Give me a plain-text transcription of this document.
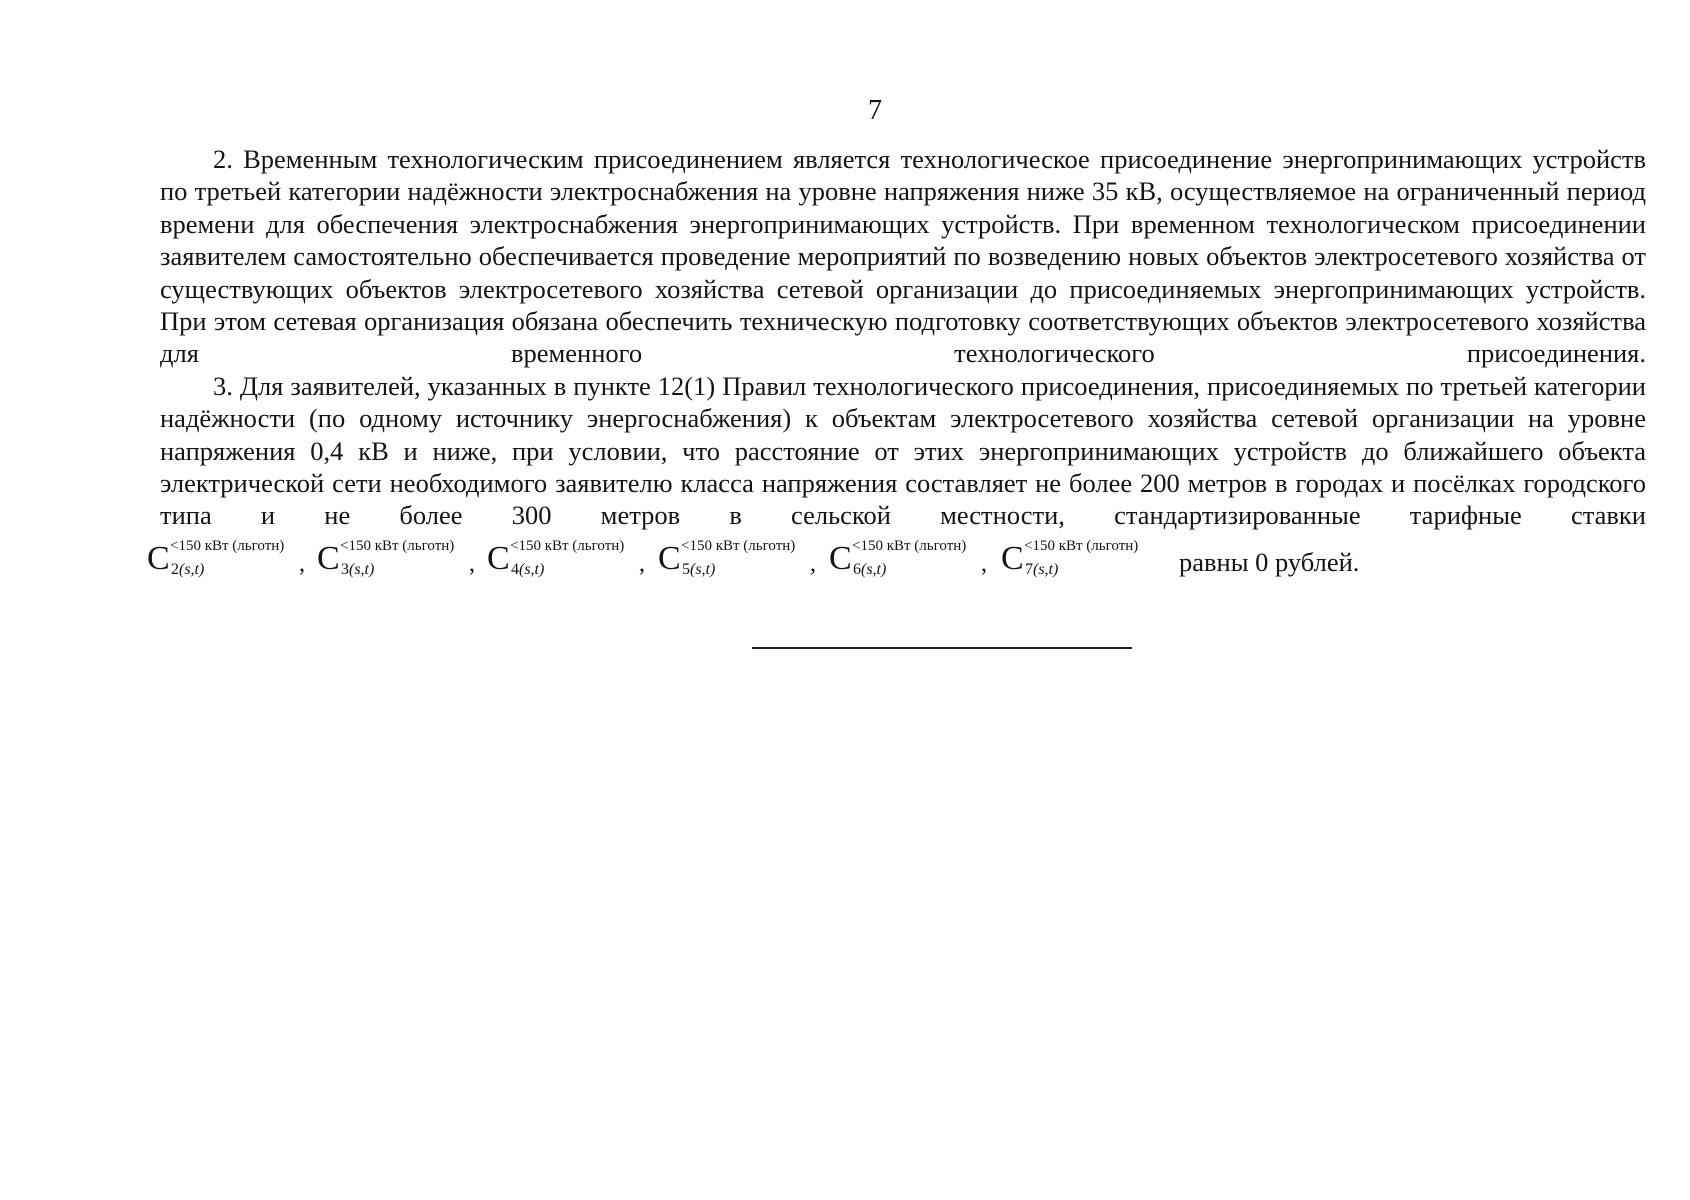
7

2. Временным технологическим присоединением является технологическое присоединение энергопринимающих устройств по третьей категории надёжности электроснабжения на уровне напряжения ниже 35 кВ, осуществляемое на ограниченный период времени для обеспечения электроснабжения энергопринимающих устройств. При временном технологическом присоединении заявителем самостоятельно обеспечивается проведение мероприятий по возведению новых объектов электросетевого хозяйства от существующих объектов электросетевого хозяйства сетевой организации до присоединяемых энергопринимающих устройств. При этом сетевая организация обязана обеспечить техническую подготовку соответствующих объектов электросетевого хозяйства для временного технологического присоединения.

3. Для заявителей, указанных в пункте 12(1) Правил технологического присоединения, присоединяемых по третьей категории надёжности (по одному источнику энергоснабжения) к объектам электросетевого хозяйства сетевой организации на уровне напряжения 0,4 кВ и ниже, при условии, что расстояние от этих энергопринимающих устройств до ближайшего объекта электрической сети необходимого заявителю класса напряжения составляет не более 200 метров в городах и посёлках городского типа и не более 300 метров в сельской местности, стандартизированные тарифные ставки

C <150 кВт (льготн)
2(s,t)	, C <150 кВт (льготн)
3(s,t)	, C <150 кВт (льготн)
4(s,t)	, C <150 кВт (льготн)
5(s,t)	, C <150 кВт (льготн)
6(s,t)	, C <150 кВт (льготн)
7(s,t)	равны 0 рублей.
